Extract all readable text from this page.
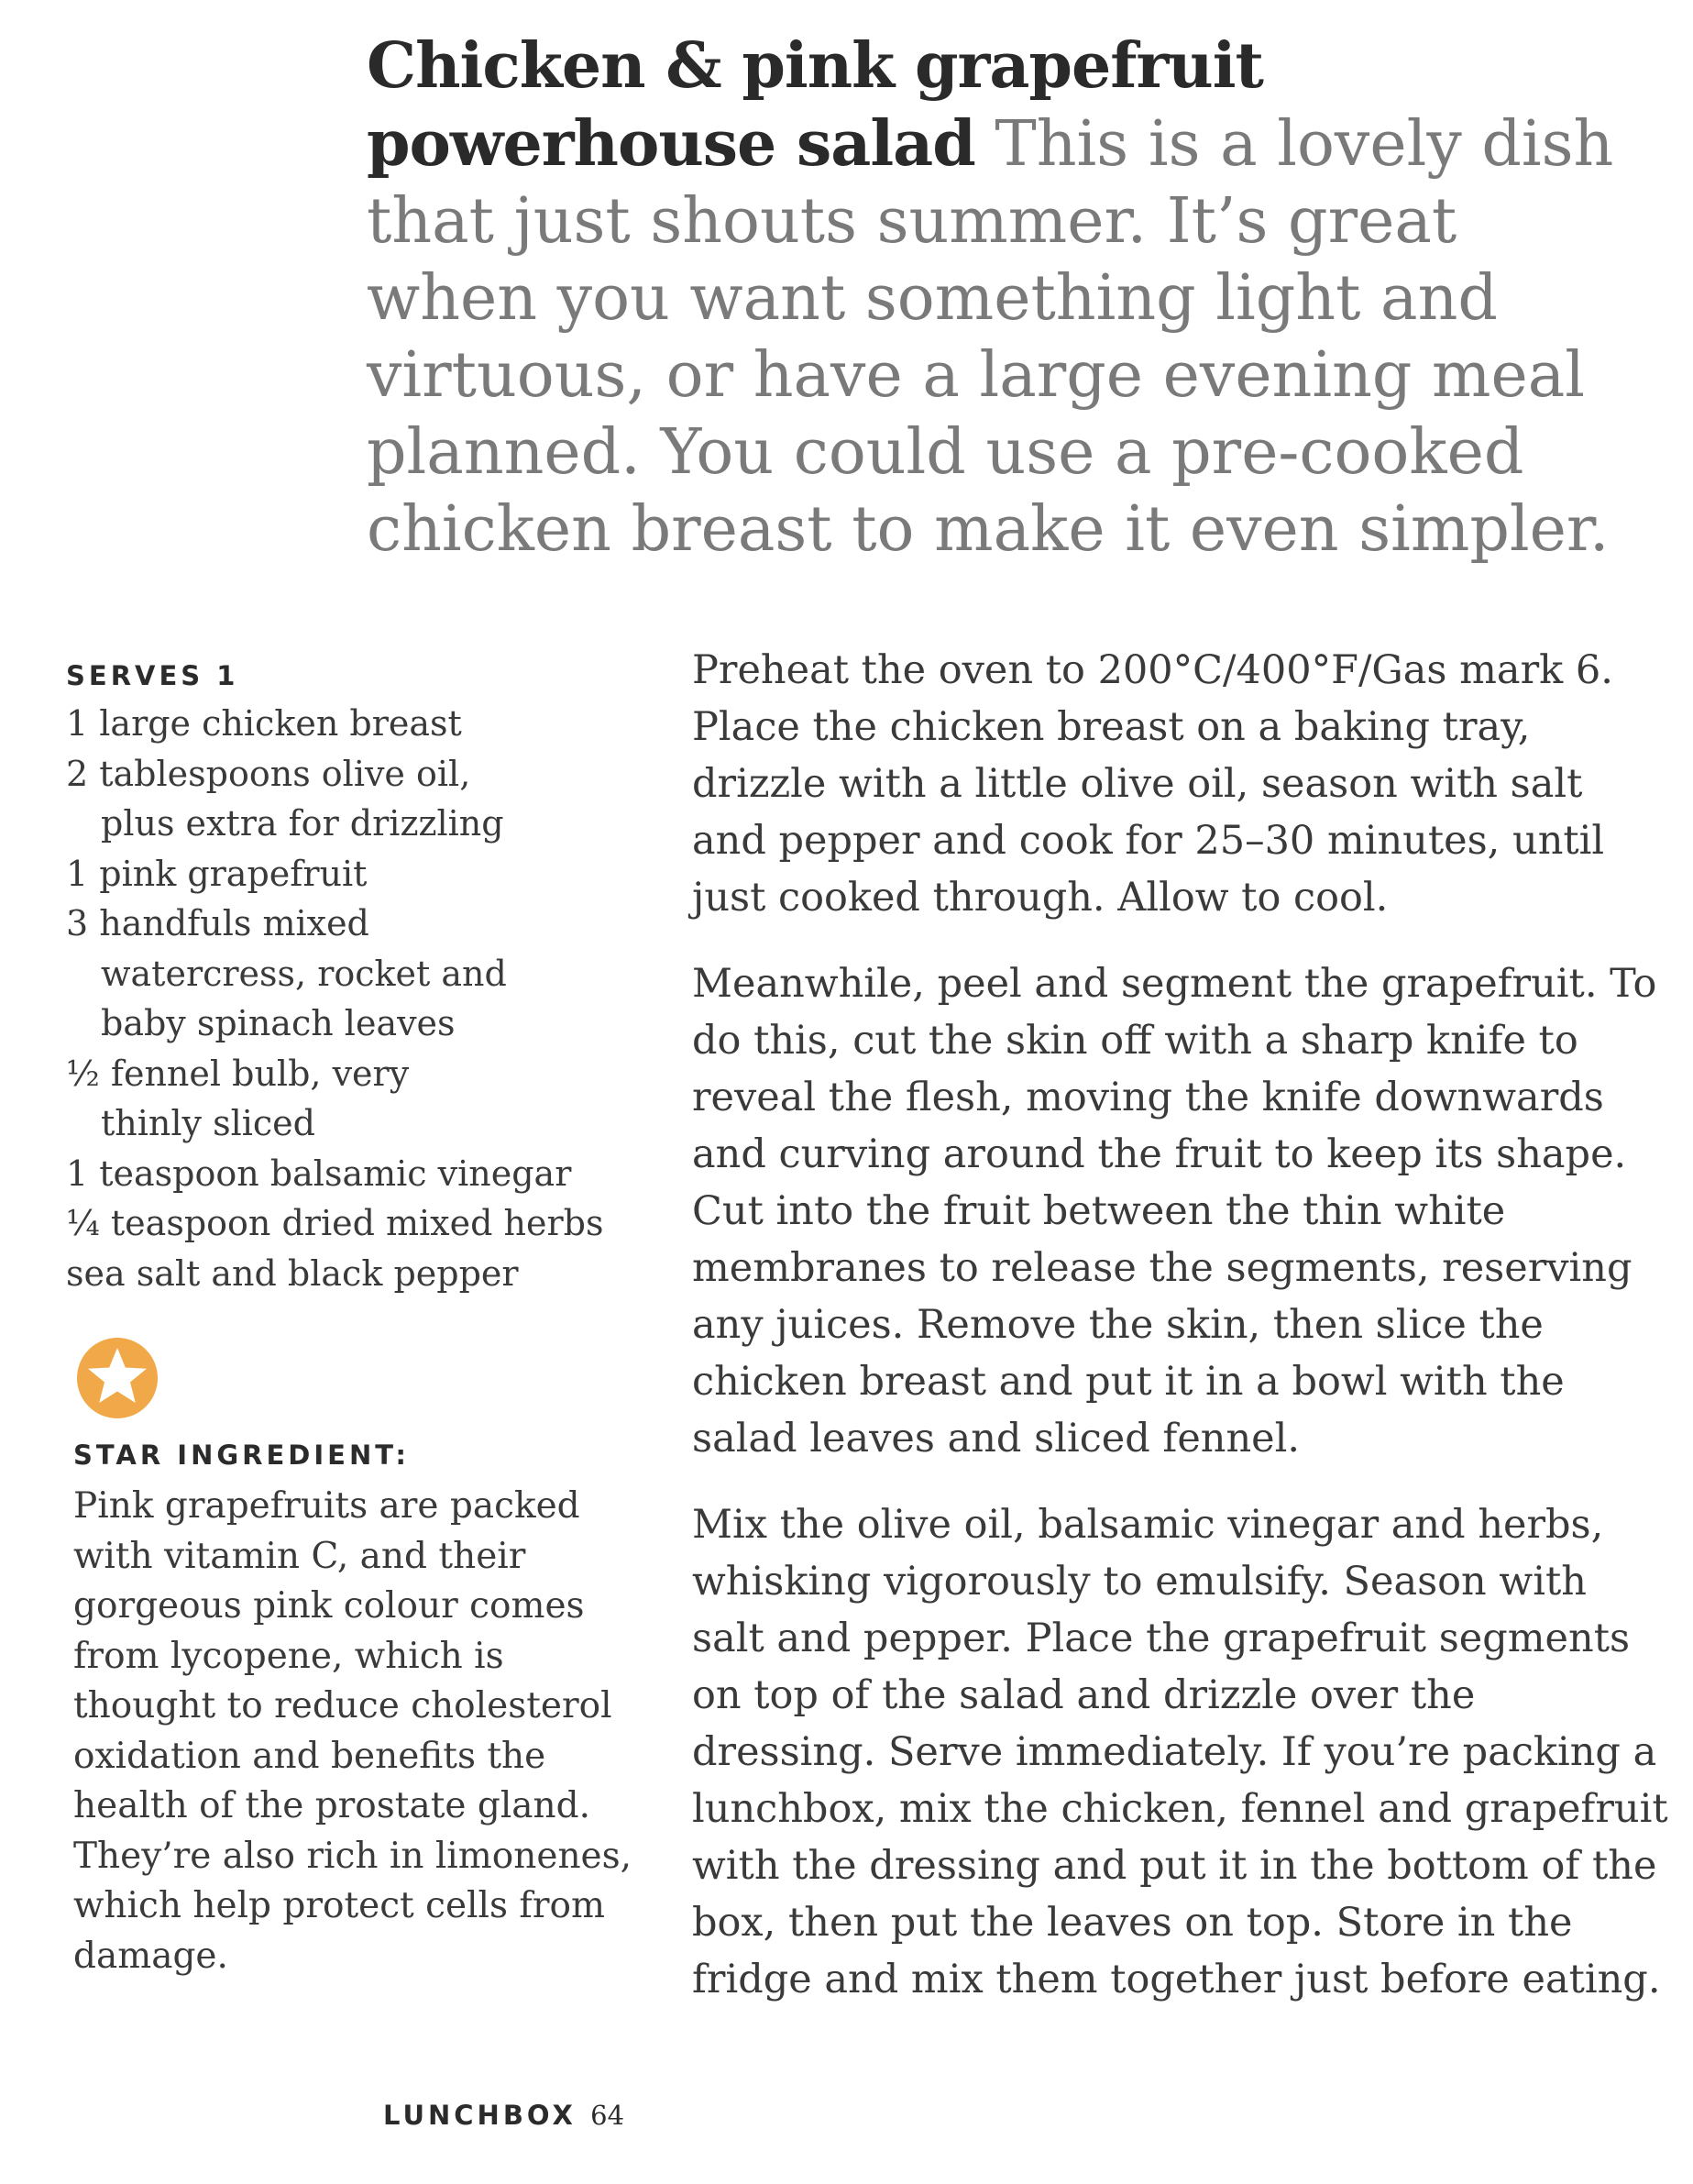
Chicken & pink grapefruit powerhouse salad This is a lovely dish that just shouts summer. It’s great when you want something light and virtuous, or have a large evening meal planned. You could use a pre-cooked chicken breast to make it even simpler.
SERVES 1
1 large chicken breast
2 tablespoons olive oil,
plus extra for drizzling
1 pink grapefruit
3 handfuls mixed
watercress, rocket and
baby spinach leaves
½ fennel bulb, very
thinly sliced
1 teaspoon balsamic vinegar
¼ teaspoon dried mixed herbs
sea salt and black pepper
STAR INGREDIENT:

Pink grapefruits are packed with vitamin C, and their gorgeous pink colour comes from lycopene, which is thought to reduce cholesterol oxidation and benefits the health of the prostate gland. They’re also rich in limonenes, which help protect cells from damage.

Preheat the oven to 200°C/400°F/Gas mark 6. Place the chicken breast on a baking tray, drizzle with a little olive oil, season with salt and pepper and cook for 25–30 minutes, until just cooked through. Allow to cool.

Meanwhile, peel and segment the grapefruit. To do this, cut the skin off with a sharp knife to reveal the flesh, moving the knife downwards and curving around the fruit to keep its shape. Cut into the fruit between the thin white membranes to release the segments, reserving any juices. Remove the skin, then slice the chicken breast and put it in a bowl with the salad leaves and sliced fennel.

Mix the olive oil, balsamic vinegar and herbs, whisking vigorously to emulsify. Season with salt and pepper. Place the grapefruit segments on top of the salad and drizzle over the dressing. Serve immediately. If you’re packing a lunchbox, mix the chicken, fennel and grapefruit with the dressing and put it in the bottom of the box, then put the leaves on top. Store in the fridge and mix them together just before eating.

LUNCHBOX 64
